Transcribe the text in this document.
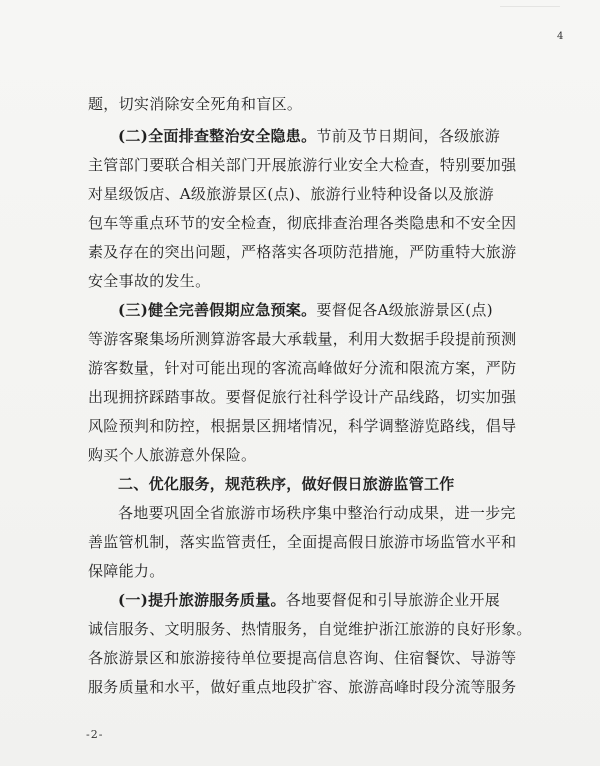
4
题，切实消除安全死角和盲区。
(二)全面排查整治安全隐患。节前及节日期间，各级旅游
主管部门要联合相关部门开展旅游行业安全大检查，特别要加强
对星级饭店、A级旅游景区(点)、旅游行业特种设备以及旅游
包车等重点环节的安全检查，彻底排查治理各类隐患和不安全因
素及存在的突出问题，严格落实各项防范措施，严防重特大旅游
安全事故的发生。
(三)健全完善假期应急预案。要督促各A级旅游景区(点)
等游客聚集场所测算游客最大承载量，利用大数据手段提前预测
游客数量，针对可能出现的客流高峰做好分流和限流方案，严防
出现拥挤踩踏事故。要督促旅行社科学设计产品线路，切实加强
风险预判和防控，根据景区拥堵情况，科学调整游览路线，倡导
购买个人旅游意外保险。
二、优化服务，规范秩序，做好假日旅游监管工作
各地要巩固全省旅游市场秩序集中整治行动成果，进一步完
善监管机制，落实监管责任，全面提高假日旅游市场监管水平和
保障能力。
(一)提升旅游服务质量。各地要督促和引导旅游企业开展
诚信服务、文明服务、热情服务，自觉维护浙江旅游的良好形象。
各旅游景区和旅游接待单位要提高信息咨询、住宿餐饮、导游等
服务质量和水平，做好重点地段扩容、旅游高峰时段分流等服务
-2-
